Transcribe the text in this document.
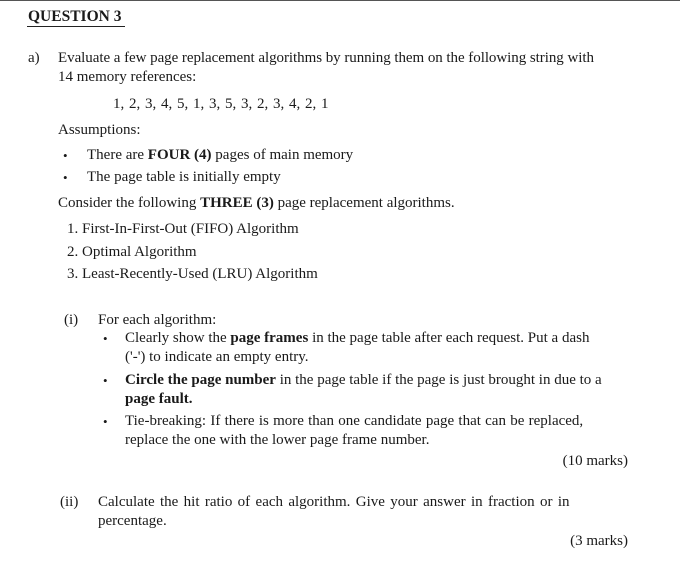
QUESTION 3
a) Evaluate a few page replacement algorithms by running them on the following string with
14 memory references:
1, 2, 3, 4, 5, 1, 3, 5, 3, 2, 3, 4, 2, 1
Assumptions:
• There are FOUR (4) pages of main memory
• The page table is initially empty
Consider the following THREE (3) page replacement algorithms.
1. First-In-First-Out (FIFO) Algorithm
2. Optimal Algorithm
3. Least-Recently-Used (LRU) Algorithm
(i) For each algorithm:
• Clearly show the page frames in the page table after each request. Put a dash
('-') to indicate an empty entry.
• Circle the page number in the page table if the page is just brought in due to a
page fault.
• Tie-breaking: If there is more than one candidate page that can be replaced,
replace the one with the lower page frame number.
(10 marks)
(ii) Calculate the hit ratio of each algorithm. Give your answer in fraction or in
percentage.
(3 marks)
